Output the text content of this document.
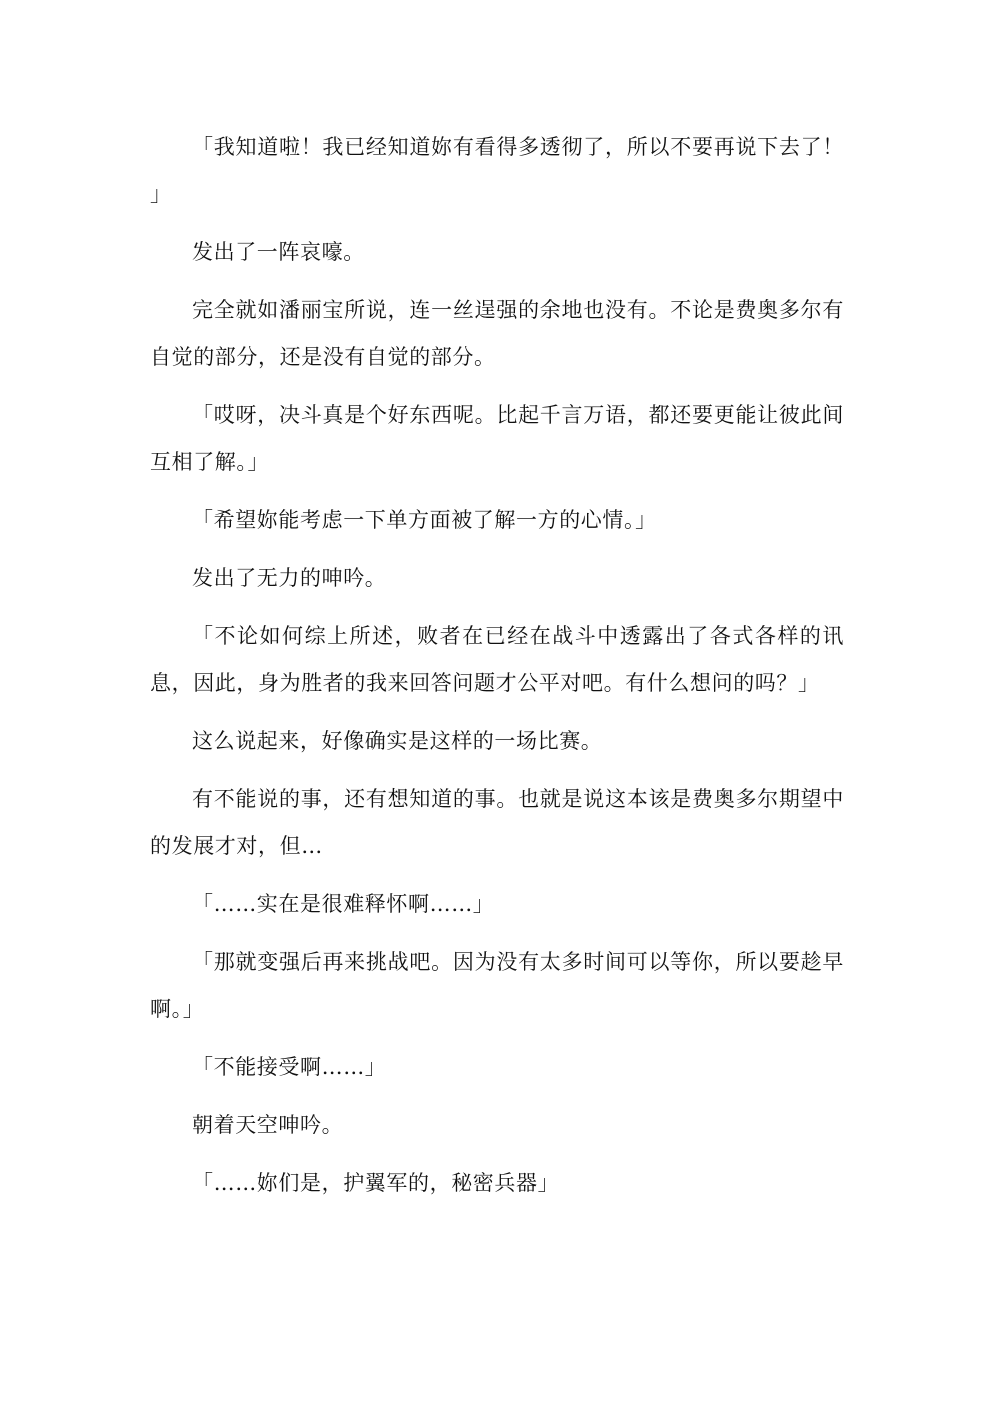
「我知道啦！我已经知道妳有看得多透彻了，所以不要再说下去了！　」

发出了一阵哀嚎。

完全就如潘丽宝所说，连一丝逞强的余地也没有。不论是费奥多尔有自觉的部分，还是没有自觉的部分。

「哎呀，决斗真是个好东西呢。比起千言万语，都还要更能让彼此间互相了解。」

「希望妳能考虑一下单方面被了解一方的心情。」

发出了无力的呻吟。

「不论如何综上所述，败者在已经在战斗中透露出了各式各样的讯息，因此，身为胜者的我来回答问题才公平对吧。有什么想问的吗？」

这么说起来，好像确实是这样的一场比赛。

有不能说的事，还有想知道的事。也就是说这本该是费奥多尔期望中的发展才对，但…

「……实在是很难释怀啊……」

「那就变强后再来挑战吧。因为没有太多时间可以等你，所以要趁早啊。」

「不能接受啊……」

朝着天空呻吟。

「……妳们是，护翼军的，秘密兵器」
